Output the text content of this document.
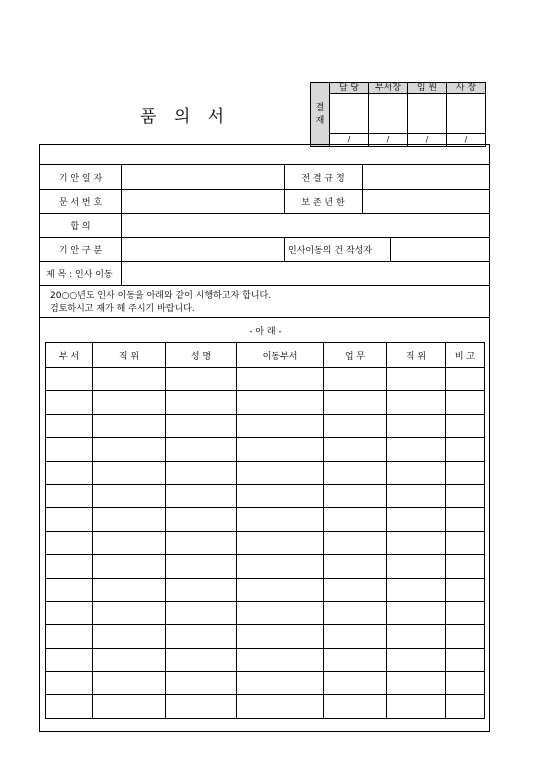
품 의 서	결
재	담 당	부서장	임 원	사 장

	/	/	/	/
기 안 일 자	전 결 규 정
문 서 번 호	보 존 년 한
합 의
기 안 구 분	인사이동의 건 작성자
제 목 : 인사 이동
20○○년도 인사 이동을 아래와 같이 시행하고자 합니다.
검토하시고 재가 해 주시기 바랍니다.
- 아 래 -
부 서	직 위	성 명	이동부서	업 무	직 위	비 고
